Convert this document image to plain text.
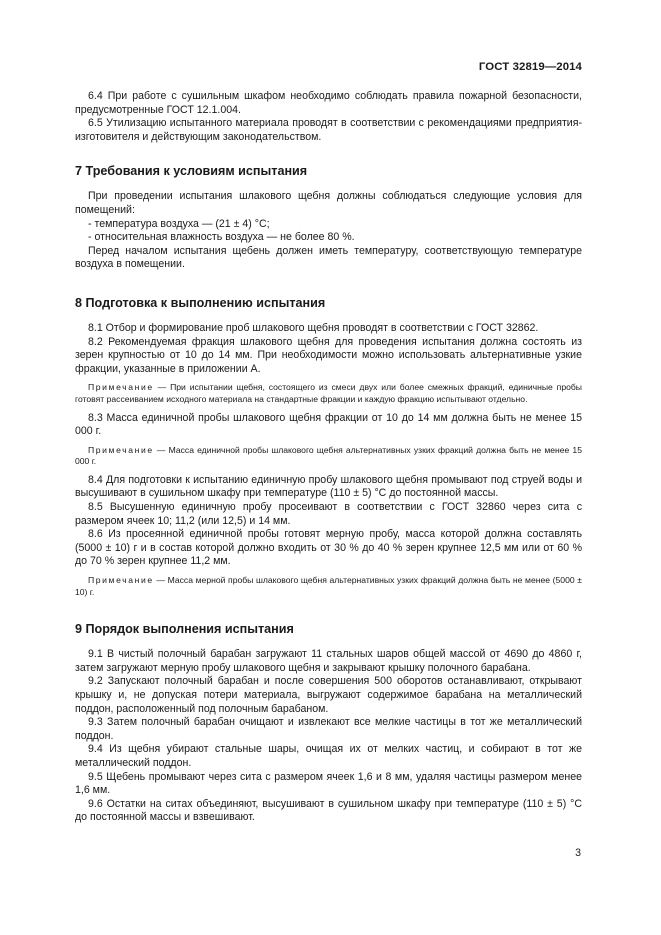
ГОСТ 32819—2014

6.4 При работе с сушильным шкафом необходимо соблюдать правила пожарной безопасности, предусмотренные ГОСТ 12.1.004.

6.5 Утилизацию испытанного материала проводят в соответствии с рекомендациями предприятия-изготовителя и действующим законодательством.

7 Требования к условиям испытания

При проведении испытания шлакового щебня должны соблюдаться следующие условия для помещений:

- температура воздуха — (21 ± 4) °С;

- относительная влажность воздуха — не более 80 %.

Перед началом испытания щебень должен иметь температуру, соответствующую температуре воздуха в помещении.

8 Подготовка к выполнению испытания

8.1 Отбор и формирование проб шлакового щебня проводят в соответствии с ГОСТ 32862.

8.2 Рекомендуемая фракция шлакового щебня для проведения испытания должна состоять из зерен крупностью от 10 до 14 мм. При необходимости можно использовать альтернативные узкие фракции, указанные в приложении А.

Примечание — При испытании щебня, состоящего из смеси двух или более смежных фракций, единичные пробы готовят рассеиванием исходного материала на стандартные фракции и каждую фракцию испытывают отдельно.

8.3 Масса единичной пробы шлакового щебня фракции от 10 до 14 мм должна быть не менее 15 000 г.

Примечание — Масса единичной пробы шлакового щебня альтернативных узких фракций должна быть не менее 15 000 г.

8.4 Для подготовки к испытанию единичную пробу шлакового щебня промывают под струей воды и высушивают в сушильном шкафу при температуре (110 ± 5) °С до постоянной массы.

8.5 Высушенную единичную пробу просеивают в соответствии с ГОСТ 32860 через сита с размером ячеек 10; 11,2 (или 12,5) и 14 мм.

8.6 Из просеянной единичной пробы готовят мерную пробу, масса которой должна составлять (5000 ± 10) г и в состав которой должно входить от 30 % до 40 % зерен крупнее 12,5 мм или от 60 % до 70 % зерен крупнее 11,2 мм.

Примечание — Масса мерной пробы шлакового щебня альтернативных узких фракций должна быть не менее (5000 ± 10) г.

9 Порядок выполнения испытания

9.1 В чистый полочный барабан загружают 11 стальных шаров общей массой от 4690 до 4860 г, затем загружают мерную пробу шлакового щебня и закрывают крышку полочного барабана.

9.2 Запускают полочный барабан и после совершения 500 оборотов останавливают, открывают крышку и, не допуская потери материала, выгружают содержимое барабана на металлический поддон, расположенный под полочным барабаном.

9.3 Затем полочный барабан очищают и извлекают все мелкие частицы в тот же металлический поддон.

9.4 Из щебня убирают стальные шары, очищая их от мелких частиц, и собирают в тот же металлический поддон.

9.5 Щебень промывают через сита с размером ячеек 1,6 и 8 мм, удаляя частицы размером менее 1,6 мм.

9.6 Остатки на ситах объединяют, высушивают в сушильном шкафу при температуре (110 ± 5) °С до постоянной массы и взвешивают.

3
